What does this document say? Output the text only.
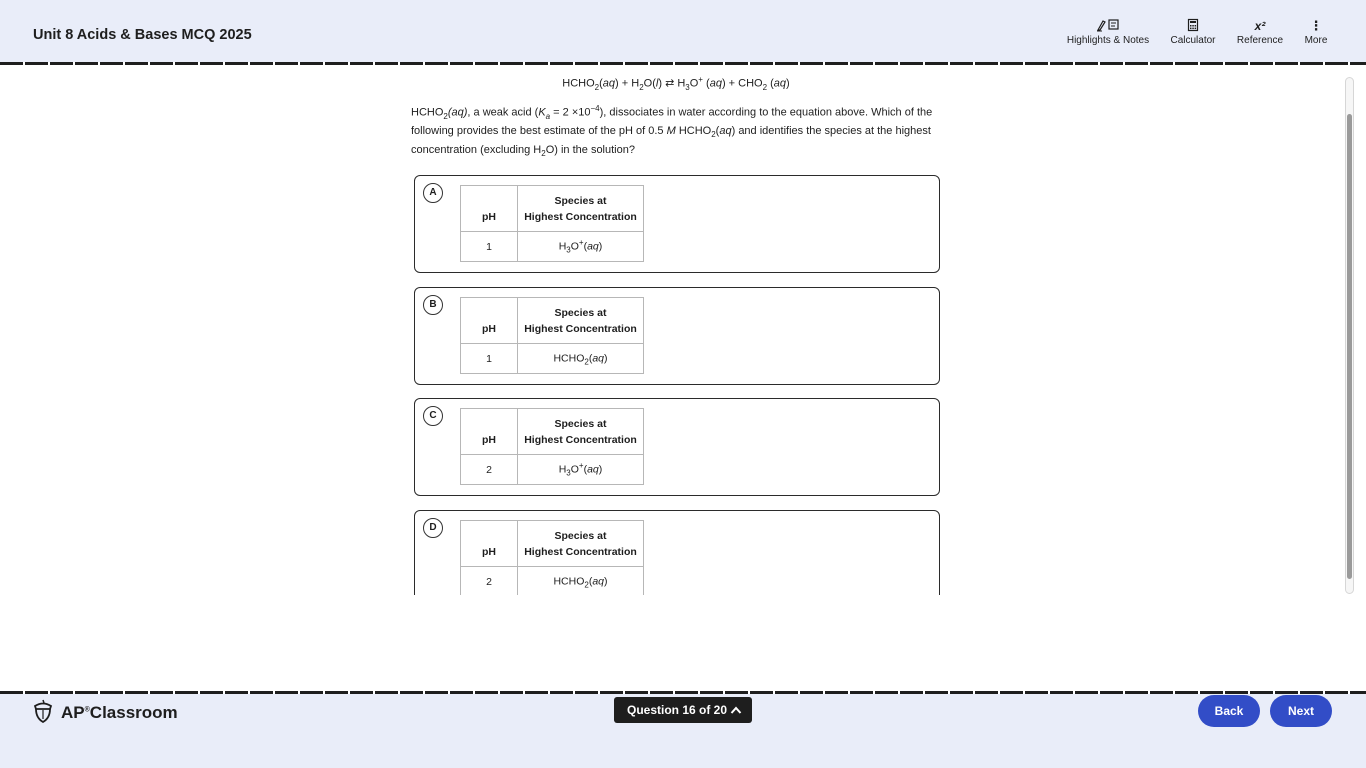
Unit 8 Acids & Bases MCQ 2025	Highlights & Notes Calculator
x²
Reference
⋮
More
$HCHO_2(aq) + H_2O(l)$ ⇄ $H_3O^+$ $(aq) + CHO_2$ (aq)
$HCHO_2(aq)$, a weak acid $(K_a = 2 \times 10^{-4})$, dissociates in water according to the equation above. Which of the following provides the best estimate of the pH of 0.5 M $HCHO_2(aq)$ and identifies the species at the highest concentration (excluding $H_2O$) in the solution?
A
pH	Species at
Highest Concentration
1	$H_3O^+(aq)$
B
pH	Species at
Highest Concentration
1	$HCHO_2(aq)$
C
pH	Species at
Highest Concentration
2	$H_3O^+(aq)$
D
pH	Species at
Highest Concentration
2	$HCHO_2(aq)$
AP®Classroom	Question 16 of 20	Back	Next
